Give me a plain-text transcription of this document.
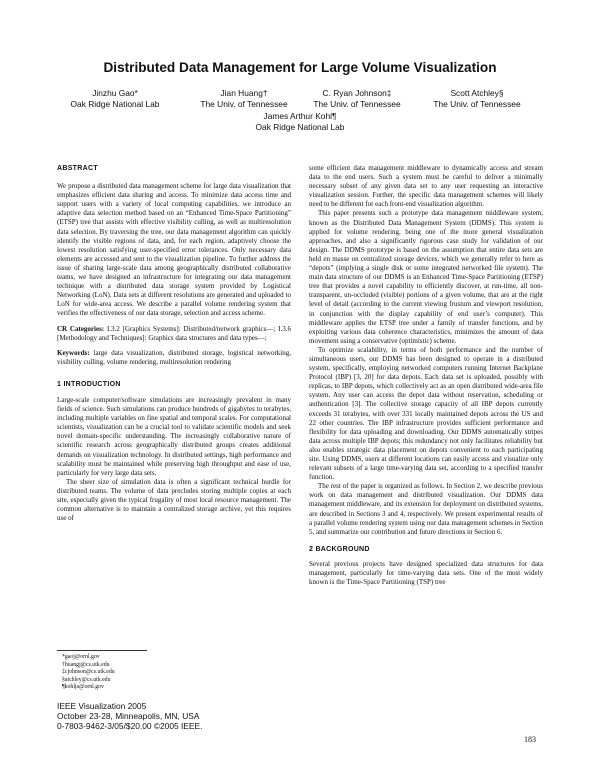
Distributed Data Management for Large Volume Visualization
Jinzhu Gao*
Oak Ridge National Lab
Jian Huang†
The Univ. of Tennessee
C. Ryan Johnson‡
The Univ. of Tennessee
Scott Atchley§
The Univ. of Tennessee
James Arthur Kohl¶
Oak Ridge National Lab

ABSTRACT

We propose a distributed data management scheme for large data visualization that emphasizes efficient data sharing and access. To minimize data access time and support users with a variety of local computing capabilities, we introduce an adaptive data selection method based on an “Enhanced Time-Space Partitioning” (ETSP) tree that assists with effective visibility culling, as well as multiresolution data selection. By traversing the tree, our data management algorithm can quickly identify the visible regions of data, and, for each region, adaptively choose the lowest resolution satisfying user-specified error tolerances. Only necessary data elements are accessed and sent to the visualization pipeline. To further address the issue of sharing large-scale data among geographically distributed collaborative teams, we have designed an infrastructure for integrating our data management technique with a distributed data storage system provided by Logistical Networking (LoN). Data sets at different resolutions are generated and uploaded to LoN for wide-area access. We describe a parallel volume rendering system that verifies the effectiveness of our data storage, selection and access scheme.

CR Categories: I.3.2 [Graphics Systems]: Distributed/network graphics—; I.3.6 [Methodology and Techniques]: Graphics data structures and data types—;

Keywords: large data visualization, distributed storage, logistical networking, visibility culling, volume rendering, multiresolution rendering

1 INTRODUCTION

Large-scale computer/software simulations are increasingly prevalent in many fields of science. Such simulations can produce hundreds of gigabytes to terabytes, including multiple variables on fine spatial and temporal scales. For computational scientists, visualization can be a crucial tool to validate scientific models and seek novel domain-specific understanding. The increasingly collaborative nature of scientific research across geographically distributed groups creates additional demands on visualization technology. In distributed settings, high performance and scalability must be maintained while preserving high throughput and ease of use, particularly for very large data sets.

The sheer size of simulation data is often a significant technical hurdle for distributed teams. The volume of data precludes storing multiple copies at each site, especially given the typical frugality of most local resource management. The common alternative is to maintain a centralized storage archive, yet this requires use of

*gaoj@ornl.gov
†huangj@cs.utk.edu
‡cjohnson@cs.utk.edu
§atchley@cs.utk.edu
¶kohlja@ornl.gov
IEEE Visualization 2005
October 23-28, Minneapolis, MN, USA
0-7803-9462-3/05/$20.00 ©2005 IEEE.

some efficient data management middleware to dynamically access and stream data to the end users. Such a system must be careful to deliver a minimally necessary subset of any given data set to any user requesting an interactive visualization session. Further, the specific data management schemes will likely need to be different for each front-end visualization algorithm.

This paper presents such a prototype data management middleware system, known as the Distributed Data Management System (DDMS). This system is applied for volume rendering, being one of the more general visualization approaches, and also a significantly rigorous case study for validation of our design. The DDMS prototype is based on the assumption that entire data sets are held en masse on centralized storage devices, which we generally refer to here as “depots” (implying a single disk or some integrated networked file system). The main data structure of our DDMS is an Enhanced Time-Space Partitioning (ETSP) tree that provides a novel capability to efficiently discover, at run-time, all non-transparent, un-occluded (visible) portions of a given volume, that are at the right level of detail (according to the current viewing frustum and viewport resolution, in conjunction with the display capability of end user’s computer). This middleware applies the ETSP tree under a family of transfer functions, and by exploiting various data coherence characteristics, minimizes the amount of data movement using a conservative (optimistic) scheme.

To optimize scalability, in terms of both performance and the number of simultaneous users, our DDMS has been designed to operate in a distributed system, specifically, employing networked computers running Internet Backplane Protocol (IBP) [3, 20] for data depots. Each data set is uploaded, possibly with replicas, to IBP depots, which collectively act as an open distributed wide-area file system. Any user can access the depot data without reservation, scheduling or authentication [3]. The collective storage capacity of all IBP depots currently exceeds 31 terabytes, with over 331 locally maintained depots across the US and 22 other countries. The IBP infrastructure provides sufficient performance and flexibility for data uploading and downloading. Our DDMS automatically stripes data across multiple IBP depots; this redundancy not only facilitates reliability but also enables strategic data placement on depots convenient to each participating site. Using DDMS, users at different locations can easily access and visualize only relevant subsets of a large time-varying data set, according to a specified transfer function.

The rest of the paper is organized as follows. In Section 2, we describe previous work on data management and distributed visualization. Our DDMS data management middleware, and its extension for deployment on distributed systems, are described in Sections 3 and 4, respectively. We present experimental results of a parallel volume rendering system using our data management schemes in Section 5, and summarize our contribution and future directions in Section 6.

2 BACKGROUND

Several previous projects have designed specialized data structures for data management, particularly for time-varying data sets. One of the most widely known is the Time-Space Partitioning (TSP) tree

183
